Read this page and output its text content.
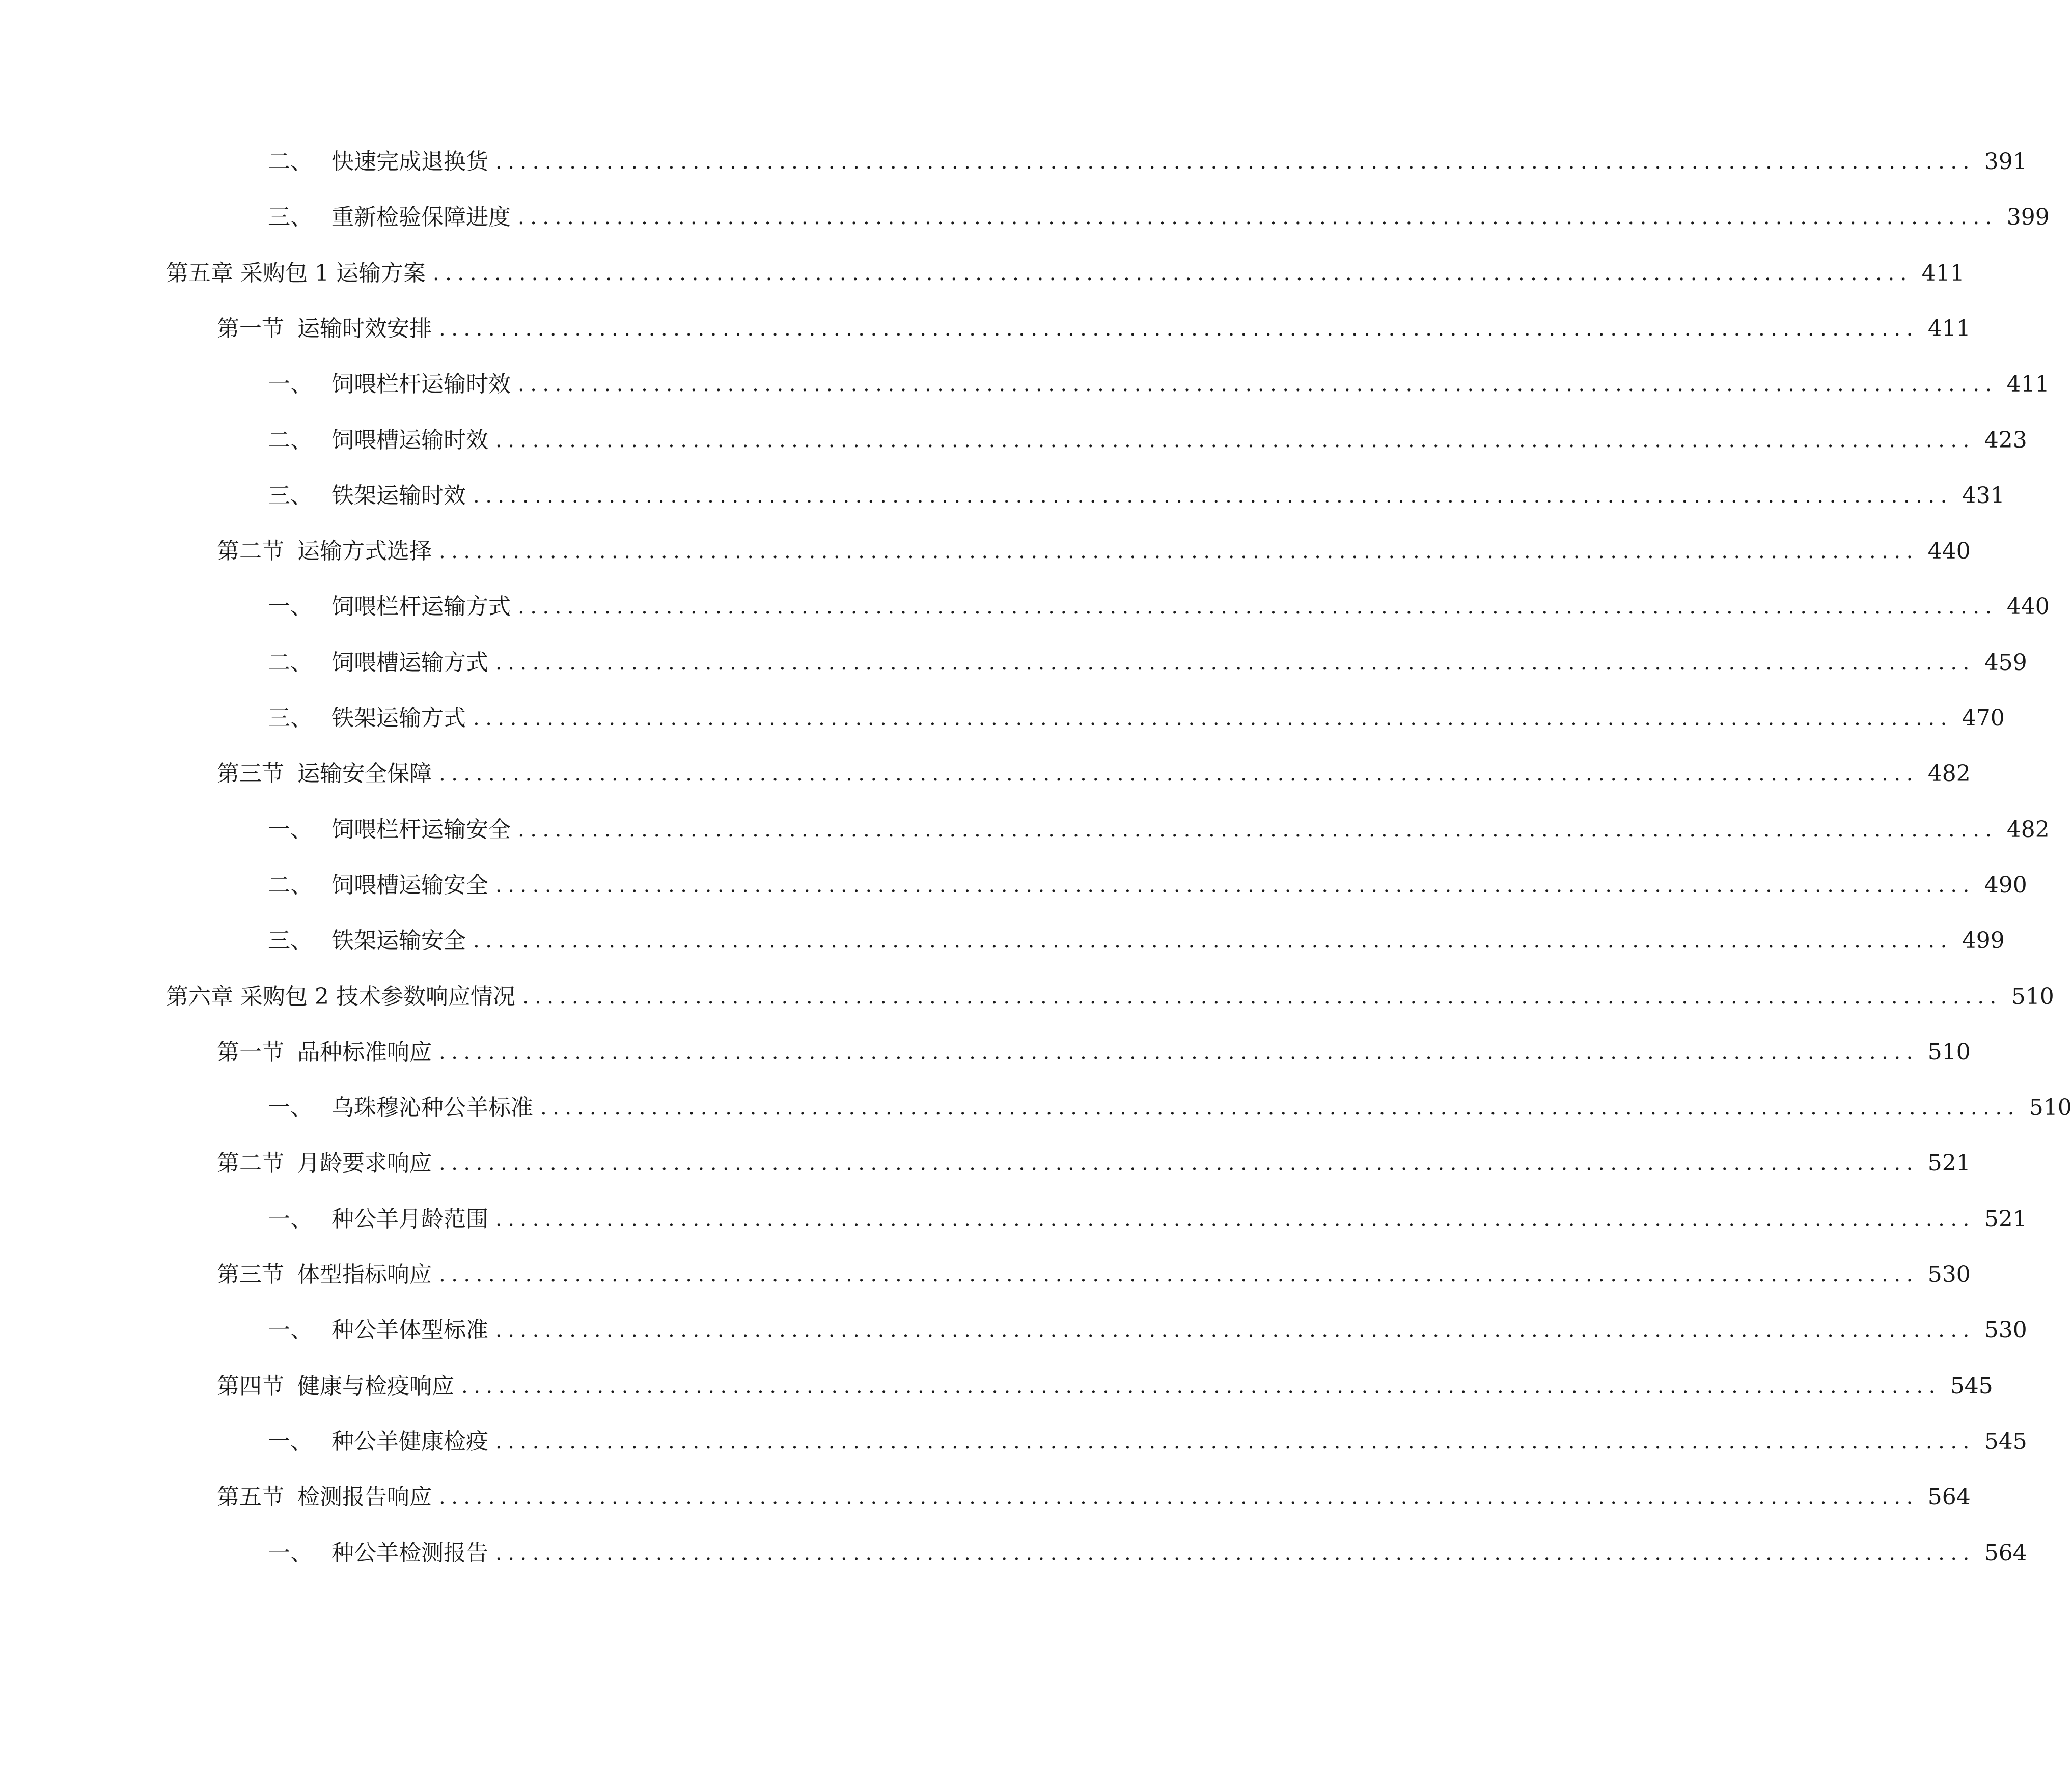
二、 快速完成退换货 ........................................................................................................................ 391
三、 重新检验保障进度 ........................................................................................................................ 399
第五章 采购包 1 运输方案 ........................................................................................................................ 411
第一节 运输时效安排 ........................................................................................................................ 411
一、 饲喂栏杆运输时效 ........................................................................................................................ 411
二、 饲喂槽运输时效 ........................................................................................................................ 423
三、 铁架运输时效 ........................................................................................................................ 431
第二节 运输方式选择 ........................................................................................................................ 440
一、 饲喂栏杆运输方式 ........................................................................................................................ 440
二、 饲喂槽运输方式 ........................................................................................................................ 459
三、 铁架运输方式 ........................................................................................................................ 470
第三节 运输安全保障 ........................................................................................................................ 482
一、 饲喂栏杆运输安全 ........................................................................................................................ 482
二、 饲喂槽运输安全 ........................................................................................................................ 490
三、 铁架运输安全 ........................................................................................................................ 499
第六章 采购包 2 技术参数响应情况 ........................................................................................................................ 510
第一节 品种标准响应 ........................................................................................................................ 510
一、 乌珠穆沁种公羊标准 ........................................................................................................................ 510
第二节 月龄要求响应 ........................................................................................................................ 521
一、 种公羊月龄范围 ........................................................................................................................ 521
第三节 体型指标响应 ........................................................................................................................ 530
一、 种公羊体型标准 ........................................................................................................................ 530
第四节 健康与检疫响应 ........................................................................................................................ 545
一、 种公羊健康检疫 ........................................................................................................................ 545
第五节 检测报告响应 ........................................................................................................................ 564
一、 种公羊检测报告 ........................................................................................................................ 564
